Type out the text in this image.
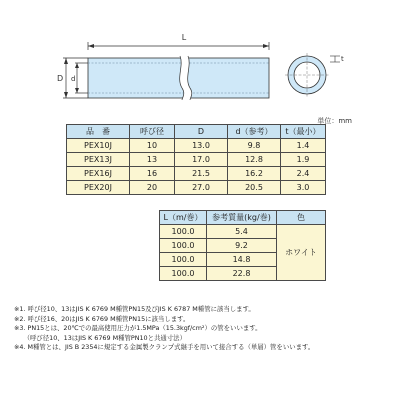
L
D d
t
単位：mm
品　番	呼び径	D	d（参考）	t（最小）
PEX10J	10	13.0	9.8	1.4
PEX13J	13	17.0	12.8	1.9
PEX16J	16	21.5	16.2	2.4
PEX20J	20	27.0	20.5	3.0
L（m/巻）	参考質量(kg/巻)	色
100.0	5.4	ホワイト
100.0	9.2	
100.0	14.8	
100.0	22.8	
※1. 呼び径10、13はJIS K 6769 M種管PN15及びJIS K 6787 M種管に該当します。
※2. 呼び径16、20はJIS K 6769 M種管PN15に該当します。
※3. PN15とは、20℃での最高使用圧力が1.5MPa（15.3kgf/cm²）の管をいいます。
　　（呼び径10、13はJIS K 6769 M種管PN10と共通寸法）
※4. M種管とは、JIS B 2354に規定する金属製クランプ式継手を用いて接合する（単層）管をいいます。
